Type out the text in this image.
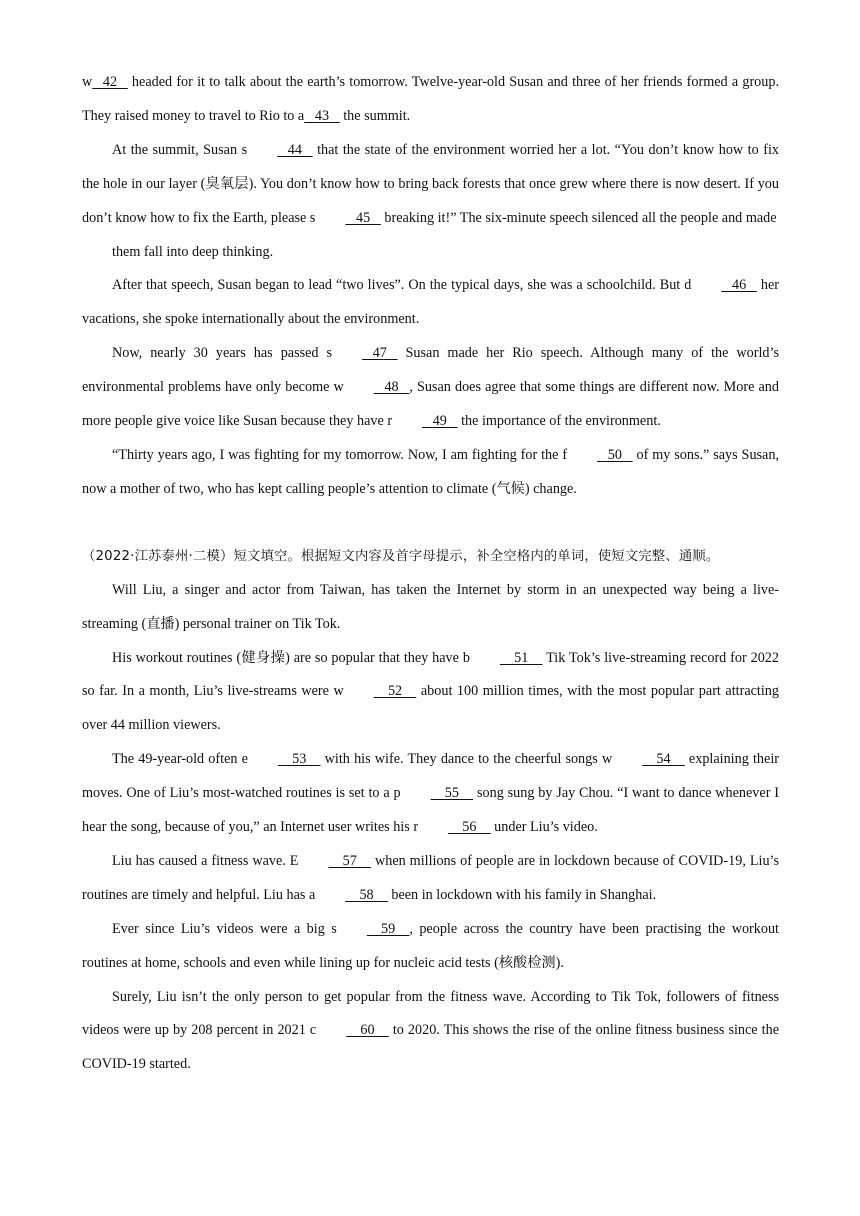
w   42    headed for it to talk about the earth’s tomorrow. Twelve-year-old Susan and three of her friends formed a group. They raised money to travel to Rio to a   43    the summit.

At the summit, Susan s   44    that the state of the environment worried her a lot. “You don’t know how to fix the hole in our layer (臭氧层). You don’t know how to bring back forests that once grew where there is now desert. If you don’t know how to fix the Earth, please s   45    breaking it!” The six-minute speech silenced all the people and made

them fall into deep thinking.

After that speech, Susan began to lead “two lives”. On the typical days, she was a schoolchild. But d   46    her vacations, she spoke internationally about the environment.

Now, nearly 30 years has passed s   47    Susan made her Rio speech. Although many of the world’s environmental problems have only become w   48   , Susan does agree that some things are different now. More and more people give voice like Susan because they have r   49    the importance of the environment.

“Thirty years ago, I was fighting for my tomorrow. Now, I am fighting for the f   50    of my sons.” says Susan, now a mother of two, who has kept calling people’s attention to climate (气候) change.

（2022·江苏泰州·二模）短文填空。根据短文内容及首字母提示，补全空格内的单词，使短文完整、通顺。

Will Liu, a singer and actor from Taiwan, has taken the Internet by storm in an unexpected way being a live-streaming (直播) personal trainer on Tik Tok.

His workout routines (健身操) are so popular that they have b    51     Tik Tok’s live-streaming record for 2022 so far. In a month, Liu’s live-streams were w    52     about 100 million times, with the most popular part attracting over 44 million viewers.

The 49-year-old often e    53     with his wife. They dance to the cheerful songs w    54     explaining their moves. One of Liu’s most-watched routines is set to a p    55     song sung by Jay Chou. “I want to dance whenever I hear the song, because of you,” an Internet user writes his r    56     under Liu’s video.

Liu has caused a fitness wave. E    57     when millions of people are in lockdown because of COVID-19, Liu’s routines are timely and helpful. Liu has a    58     been in lockdown with his family in Shanghai.

Ever since Liu’s videos were a big s    59    , people across the country have been practising the workout routines at home, schools and even while lining up for nucleic acid tests (核酸检测).

Surely, Liu isn’t the only person to get popular from the fitness wave. According to Tik Tok, followers of fitness videos were up by 208 percent in 2021 c    60     to 2020. This shows the rise of the online fitness business since the COVID-19 started.
